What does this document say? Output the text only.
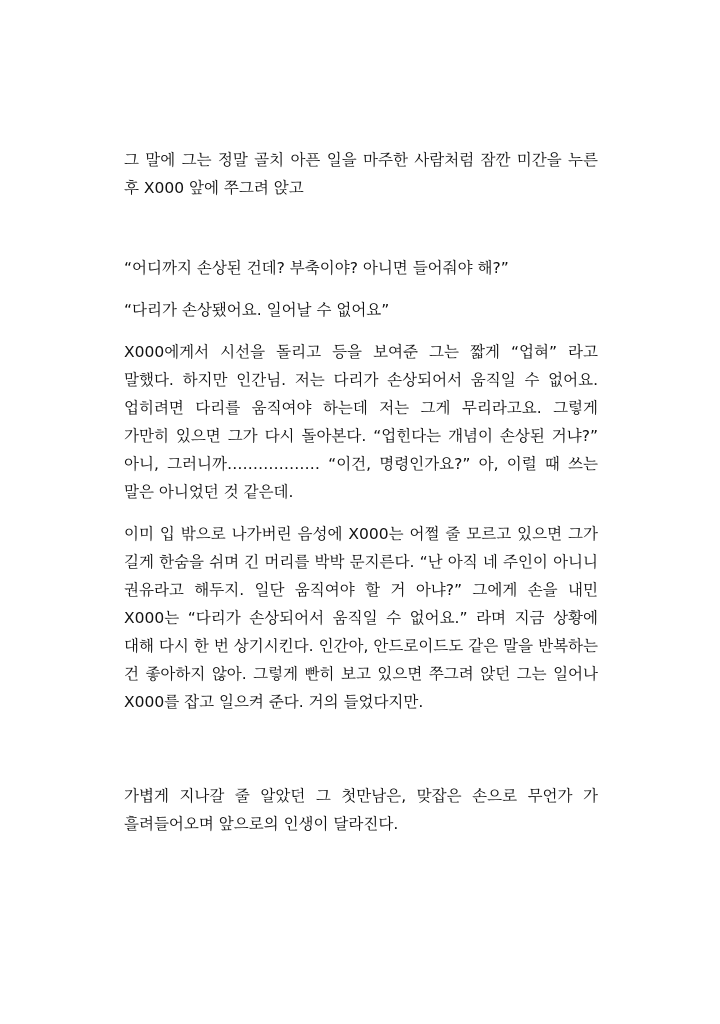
그 말에 그는 정말 골치 아픈 일을 마주한 사람처럼 잠깐 미간을 누른 후 X000 앞에 쭈그려 앉고

“어디까지 손상된 건데? 부축이야? 아니면 들어줘야 해?”

“다리가 손상됐어요. 일어날 수 없어요”

X000에게서 시선을 돌리고 등을 보여준 그는 짧게 “업혀” 라고 말했다. 하지만 인간님. 저는 다리가 손상되어서 움직일 수 없어요. 업히려면 다리를 움직여야 하는데 저는 그게 무리라고요. 그렇게 가만히 있으면 그가 다시 돌아본다. “업힌다는 개념이 손상된 거냐?” 아니, 그러니까……………… “이건, 명령인가요?” 아, 이럴 때 쓰는 말은 아니었던 것 같은데.

이미 입 밖으로 나가버린 음성에 X000는 어쩔 줄 모르고 있으면 그가 길게 한숨을 쉬며 긴 머리를 박박 문지른다. “난 아직 네 주인이 아니니 권유라고 해두지. 일단 움직여야 할 거 아냐?” 그에게 손을 내민 X000는 “다리가 손상되어서 움직일 수 없어요.” 라며 지금 상황에 대해 다시 한 번 상기시킨다. 인간아, 안드로이드도 같은 말을 반복하는 건 좋아하지 않아. 그렇게 빤히 보고 있으면 쭈그려 앉던 그는 일어나 X000를 잡고 일으켜 준다. 거의 들었다지만.

가볍게 지나갈 줄 알았던 그 첫만남은, 맞잡은 손으로 무언가 가 흘려들어오며 앞으로의 인생이 달라진다.
